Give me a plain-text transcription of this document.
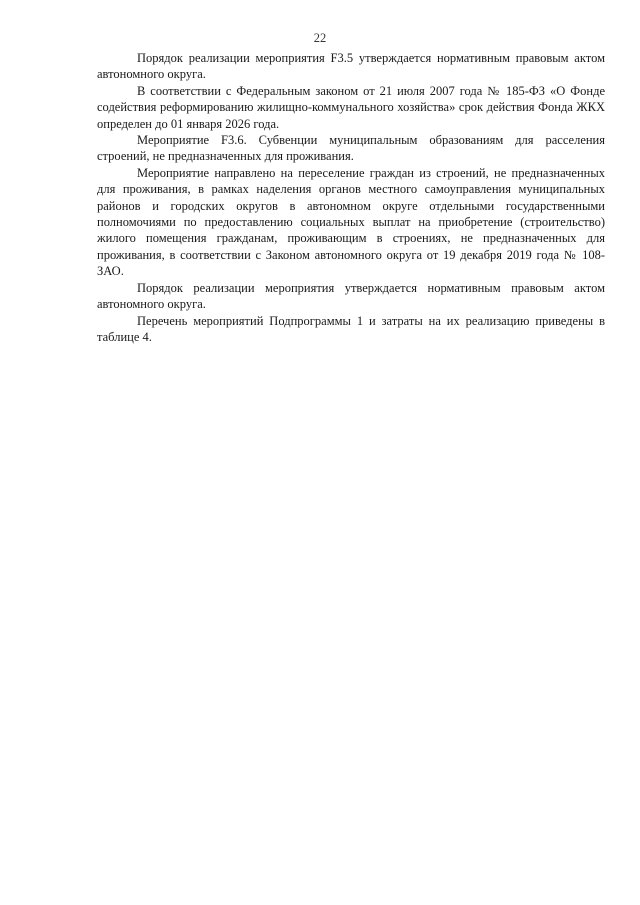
22

Порядок реализации мероприятия F3.5 утверждается нормативным правовым актом автономного округа.

В соответствии с Федеральным законом от 21 июля 2007 года № 185-ФЗ «О Фонде содействия реформированию жилищно-коммунального хозяйства» срок действия Фонда ЖКХ определен до 01 января 2026 года.

Мероприятие F3.6. Субвенции муниципальным образованиям для расселения строений, не предназначенных для проживания.

Мероприятие направлено на переселение граждан из строений, не предназначенных для проживания, в рамках наделения органов местного самоуправления муниципальных районов и городских округов в автономном округе отдельными государственными полномочиями по предоставлению социальных выплат на приобретение (строительство) жилого помещения гражданам, проживающим в строениях, не предназначенных для проживания, в соответствии с Законом автономного округа от 19 декабря 2019 года № 108-ЗАО.

Порядок реализации мероприятия утверждается нормативным правовым актом автономного округа.

Перечень мероприятий Подпрограммы 1 и затраты на их реализацию приведены в таблице 4.
